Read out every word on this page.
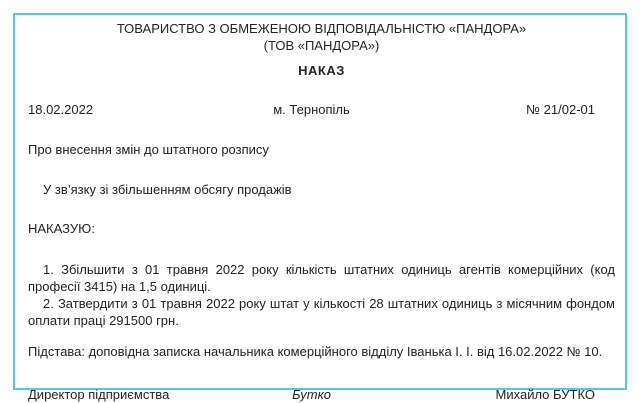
ТОВАРИСТВО З ОБМЕЖЕНОЮ ВІДПОВІДАЛЬНІСТЮ «ПАНДОРА»
(ТОВ «ПАНДОРА»)
НАКАЗ
18.02.2022	м. Тернопіль	№ 21/02-01
Про внесення змін до штатного розпису
У зв’язку зі збільшенням обсягу продажів
НАКАЗУЮ:

1. Збільшити з 01 травня 2022 року кількість штатних одиниць агентів комерційних (код професії 3415) на 1,5 одиниці.

2. Затвердити з 01 травня 2022 року штат у кількості 28 штатних одиниць з місячним фондом оплати праці 291500 грн.

Підстава: доповідна записка начальника комерційного відділу Іванька І. І. від 16.02.2022 № 10.
Директор підприємства	Бутко	Михайло БУТКО
